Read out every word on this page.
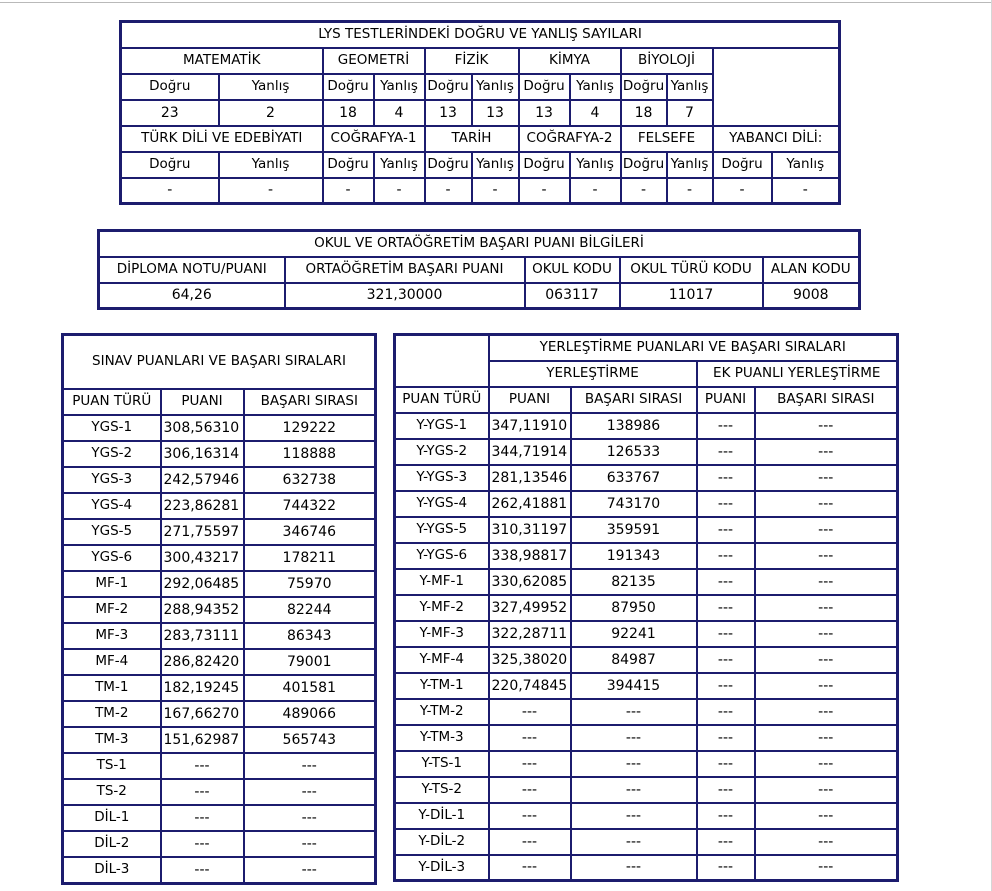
LYS TESTLERİNDEKİ DOĞRU VE YANLIŞ SAYILARI											
MATEMATİK		GEOMETRİ		FİZİK		KİMYA		BİYOLOJİ			
Doğru	Yanlış	Doğru	Yanlış	Doğru	Yanlış	Doğru	Yanlış	Doğru	Yanlış		
23	2	18	4	13	13	13	4	18	7		
TÜRK DİLİ VE EDEBİYATI		COĞRAFYA-1		TARİH		COĞRAFYA-2		FELSEFE		YABANCI DİLİ:	
Doğru	Yanlış	Doğru	Yanlış	Doğru	Yanlış	Doğru	Yanlış	Doğru	Yanlış	Doğru	Yanlış
-	-	-	-	-	-	-	-	-	-	-	-
OKUL VE ORTAÖĞRETİM BAŞARI PUANI BİLGİLERİ				
DİPLOMA NOTU/PUANI	ORTAÖĞRETİM BAŞARI PUANI	OKUL KODU	OKUL TÜRÜ KODU	ALAN KODU
64,26	321,30000	063117	11017	9008
SINAV PUANLARI VE BAŞARI SIRALARI		
PUAN TÜRÜ	PUANI	BAŞARI SIRASI
YGS-1	308,56310	129222
YGS-2	306,16314	118888
YGS-3	242,57946	632738
YGS-4	223,86281	744322
YGS-5	271,75597	346746
YGS-6	300,43217	178211
MF-1	292,06485	75970
MF-2	288,94352	82244
MF-3	283,73111	86343
MF-4	286,82420	79001
TM-1	182,19245	401581
TM-2	167,66270	489066
TM-3	151,62987	565743
TS-1	---	---
TS-2	---	---
DİL-1	---	---
DİL-2	---	---
DİL-3	---	---
	YERLEŞTİRME PUANLARI VE BAŞARI SIRALARI			
	YERLEŞTİRME		EK PUANLI YERLEŞTİRME	
PUAN TÜRÜ	PUANI	BAŞARI SIRASI	PUANI	BAŞARI SIRASI
Y-YGS-1	347,11910	138986	---	---
Y-YGS-2	344,71914	126533	---	---
Y-YGS-3	281,13546	633767	---	---
Y-YGS-4	262,41881	743170	---	---
Y-YGS-5	310,31197	359591	---	---
Y-YGS-6	338,98817	191343	---	---
Y-MF-1	330,62085	82135	---	---
Y-MF-2	327,49952	87950	---	---
Y-MF-3	322,28711	92241	---	---
Y-MF-4	325,38020	84987	---	---
Y-TM-1	220,74845	394415	---	---
Y-TM-2	---	---	---	---
Y-TM-3	---	---	---	---
Y-TS-1	---	---	---	---
Y-TS-2	---	---	---	---
Y-DİL-1	---	---	---	---
Y-DİL-2	---	---	---	---
Y-DİL-3	---	---	---	---
